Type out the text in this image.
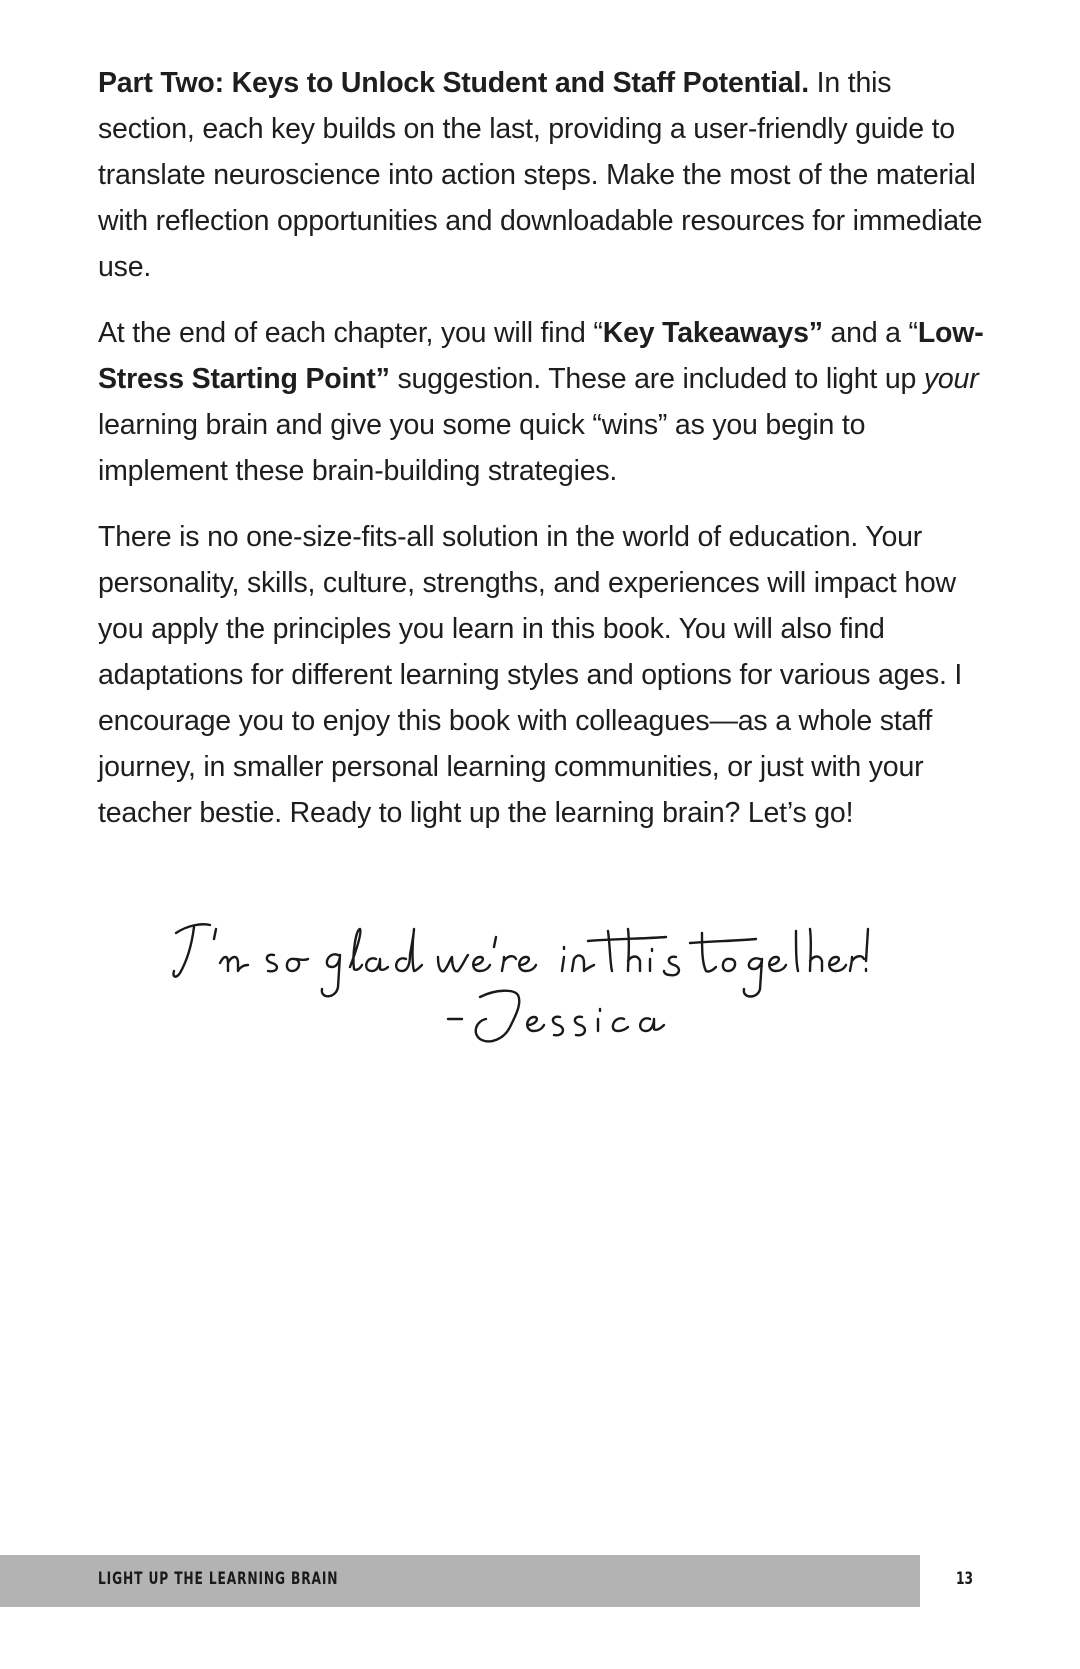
Part Two: Keys to Unlock Student and Staff Potential. In this section, each key builds on the last, providing a user-friendly guide to translate neuroscience into action steps. Make the most of the material with reflection opportunities and downloadable resources for immediate use.

At the end of each chapter, you will find “Key Takeaways” and a “Low-Stress Starting Point” suggestion. These are included to light up your learning brain and give you some quick “wins” as you begin to implement these brain-building strategies.

There is no one-size-fits-all solution in the world of education. Your personality, skills, culture, strengths, and experiences will impact how you apply the principles you learn in this book. You will also find adaptations for different learning styles and options for various ages. I encourage you to enjoy this book with colleagues—as a whole staff journey, in smaller personal learning communities, or just with your teacher bestie. Ready to light up the learning brain? Let’s go!

LIGHT UP THE LEARNING BRAIN	13
